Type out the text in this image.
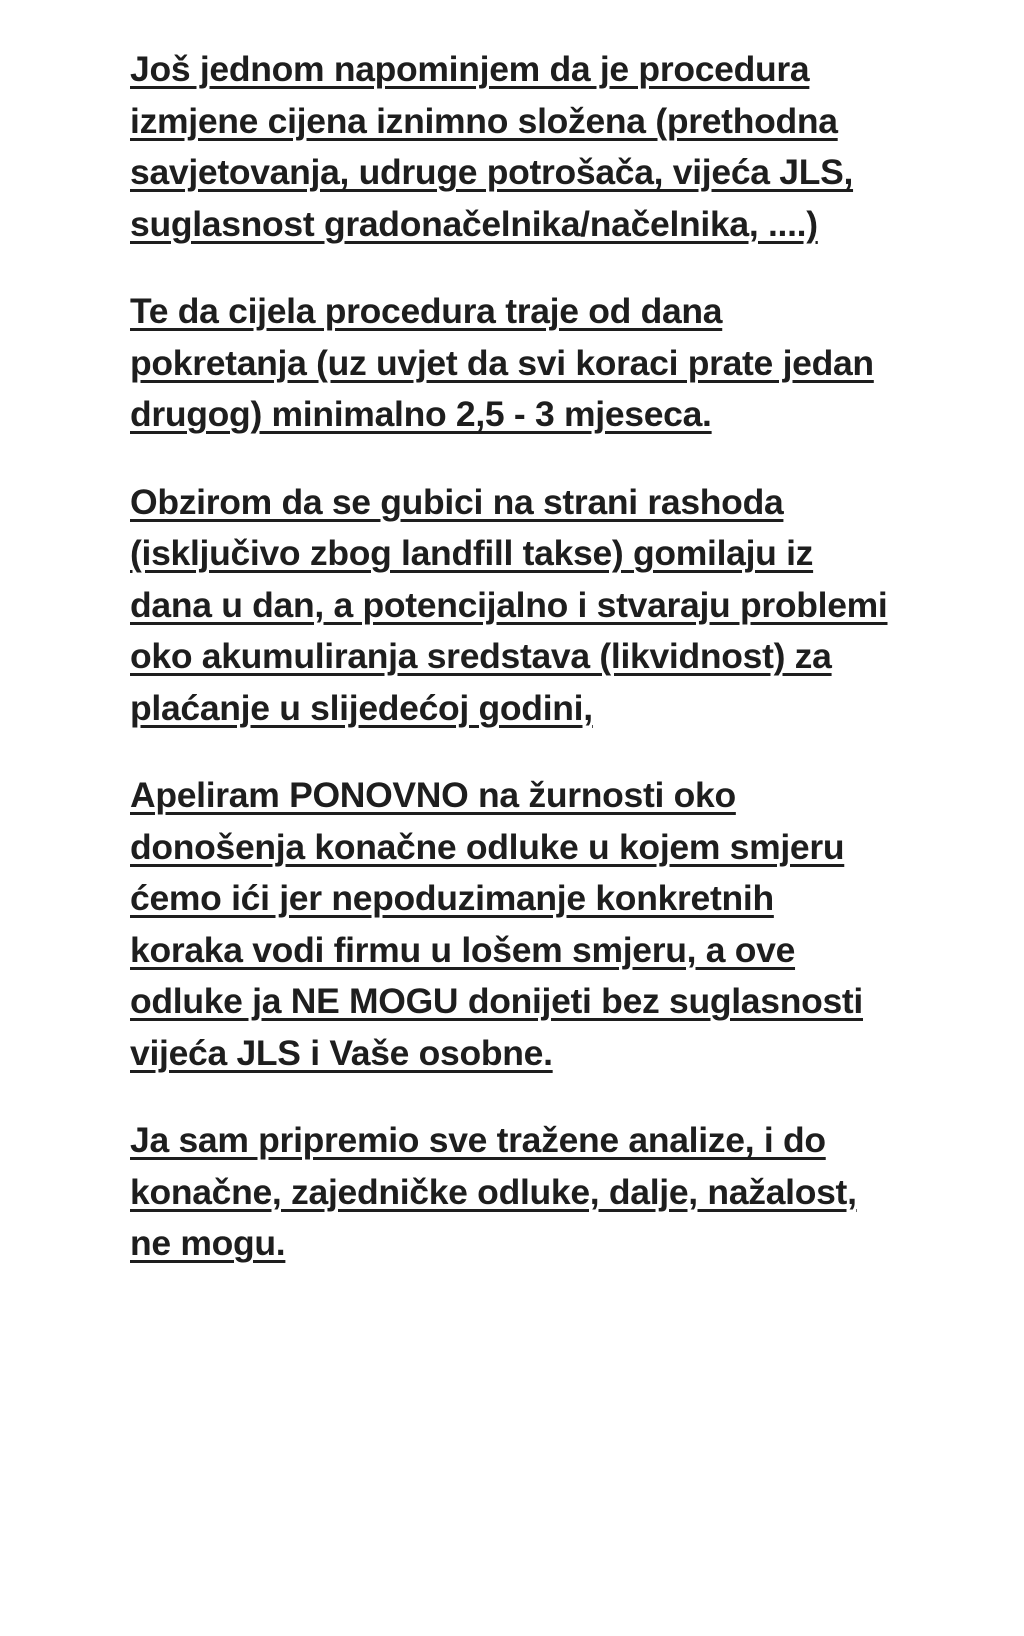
Još jednom napominjem da je procedura izmjene cijena iznimno složena (prethodna savjetovanja, udruge potrošača, vijeća JLS, suglasnost gradonačelnika/načelnika, ....)

Te da cijela procedura traje od dana pokretanja (uz uvjet da svi koraci prate jedan drugog) minimalno 2,5 - 3 mjeseca.

Obzirom da se gubici na strani rashoda (isključivo zbog landfill takse) gomilaju iz dana u dan, a potencijalno i stvaraju problemi oko akumuliranja sredstava (likvidnost) za plaćanje u slijedećoj godini,

Apeliram PONOVNO na žurnosti oko donošenja konačne odluke u kojem smjeru ćemo ići jer nepoduzimanje konkretnih koraka vodi firmu u lošem smjeru, a ove odluke ja NE MOGU donijeti bez suglasnosti vijeća JLS i Vaše osobne.

Ja sam pripremio sve tražene analize, i do konačne, zajedničke odluke, dalje, nažalost, ne mogu.
